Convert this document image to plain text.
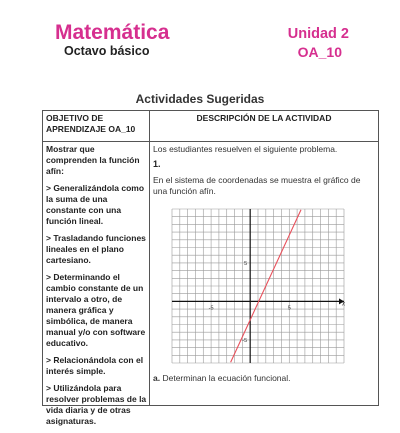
Matemática
Octavo básico
Unidad 2
OA_10
Actividades Sugeridas
OBJETIVO DE APRENDIZAJE OA_10
DESCRIPCIÓN DE LA ACTIVIDAD

Mostrar que comprenden la función afín:

> Generalizándola como la suma de una constante con una función lineal.

> Trasladando funciones lineales en el plano cartesiano.

> Determinando el cambio constante de un intervalo a otro, de manera gráfica y simbólica, de manera manual y/o con software educativo.

> Relacionándola con el interés simple.

> Utilizándola para resolver problemas de la vida diaria y de otras asignaturas.

Los estudiantes resuelven el siguiente problema.
1.
En el sistema de coordenadas se muestra el gráfico de una función afín.
x
-5	5
5
-5
a. Determinan la ecuación funcional.
